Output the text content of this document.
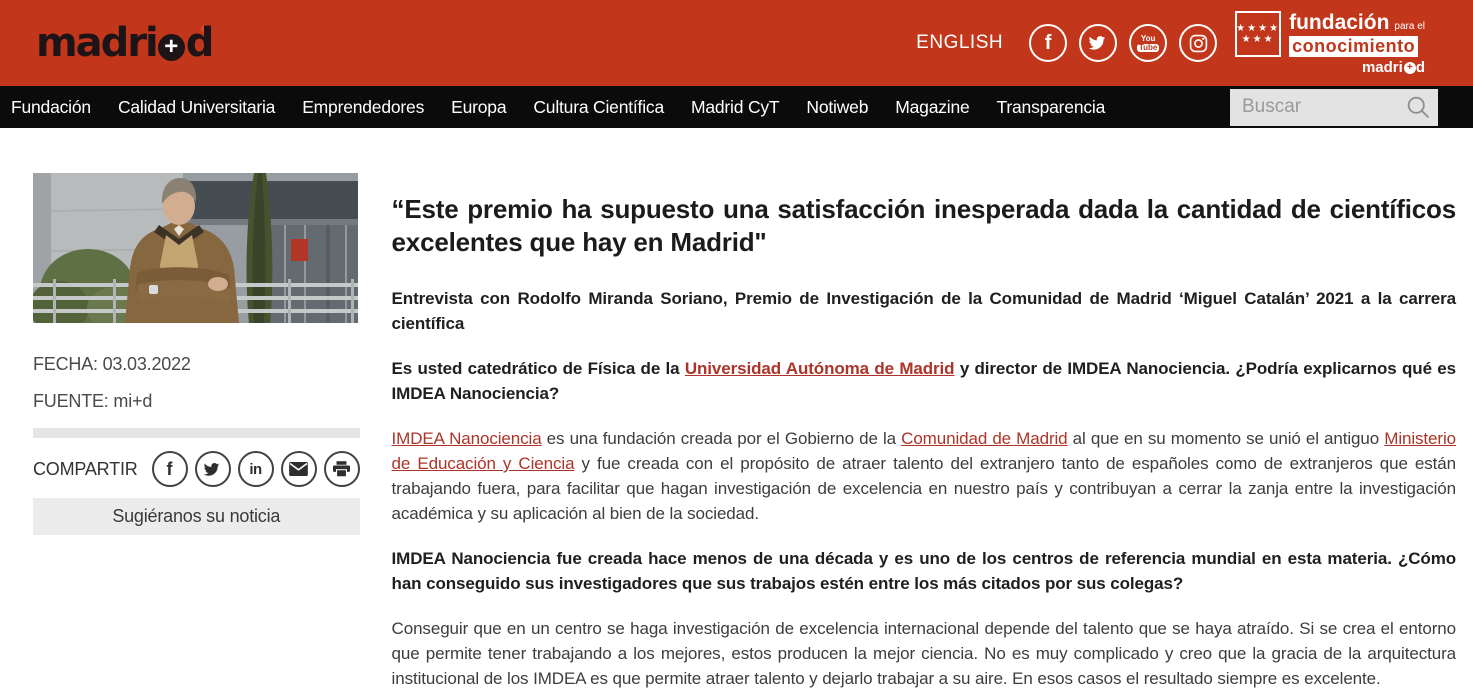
madri + d	ENGLISH f	You
Tube
★★★★
★★★
fundación para el
conocimiento
madri + d
Fundación Calidad Universitaria Emprendedores Europa Cultura Científica Madrid CyT Notiweb Magazine Transparencia
Buscar
FECHA: 03.03.2022
FUENTE: mi+d
COMPARTIR f	in
Sugiéranos su noticia
“Este premio ha supuesto una satisfacción inesperada dada la cantidad de científicos excelentes que hay en Madrid"

Entrevista con Rodolfo Miranda Soriano, Premio de Investigación de la Comunidad de Madrid ‘Miguel Catalán’ 2021 a la carrera científica

Es usted catedrático de Física de la Universidad Autónoma de Madrid y director de IMDEA Nanociencia. ¿Podría explicarnos qué es IMDEA Nanociencia?

IMDEA Nanociencia es una fundación creada por el Gobierno de la Comunidad de Madrid al que en su momento se unió el antiguo Ministerio de Educación y Ciencia y fue creada con el propósito de atraer talento del extranjero tanto de españoles como de extranjeros que están trabajando fuera, para facilitar que hagan investigación de excelencia en nuestro país y contribuyan a cerrar la zanja entre la investigación académica y su aplicación al bien de la sociedad.

IMDEA Nanociencia fue creada hace menos de una década y es uno de los centros de referencia mundial en esta materia. ¿Cómo han conseguido sus investigadores que sus trabajos estén entre los más citados por sus colegas?

Conseguir que en un centro se haga investigación de excelencia internacional depende del talento que se haya atraído. Si se crea el entorno que permite tener trabajando a los mejores, estos producen la mejor ciencia. No es muy complicado y creo que la gracia de la arquitectura institucional de los IMDEA es que permite atraer talento y dejarlo trabajar a su aire. En esos casos el resultado siempre es excelente.
